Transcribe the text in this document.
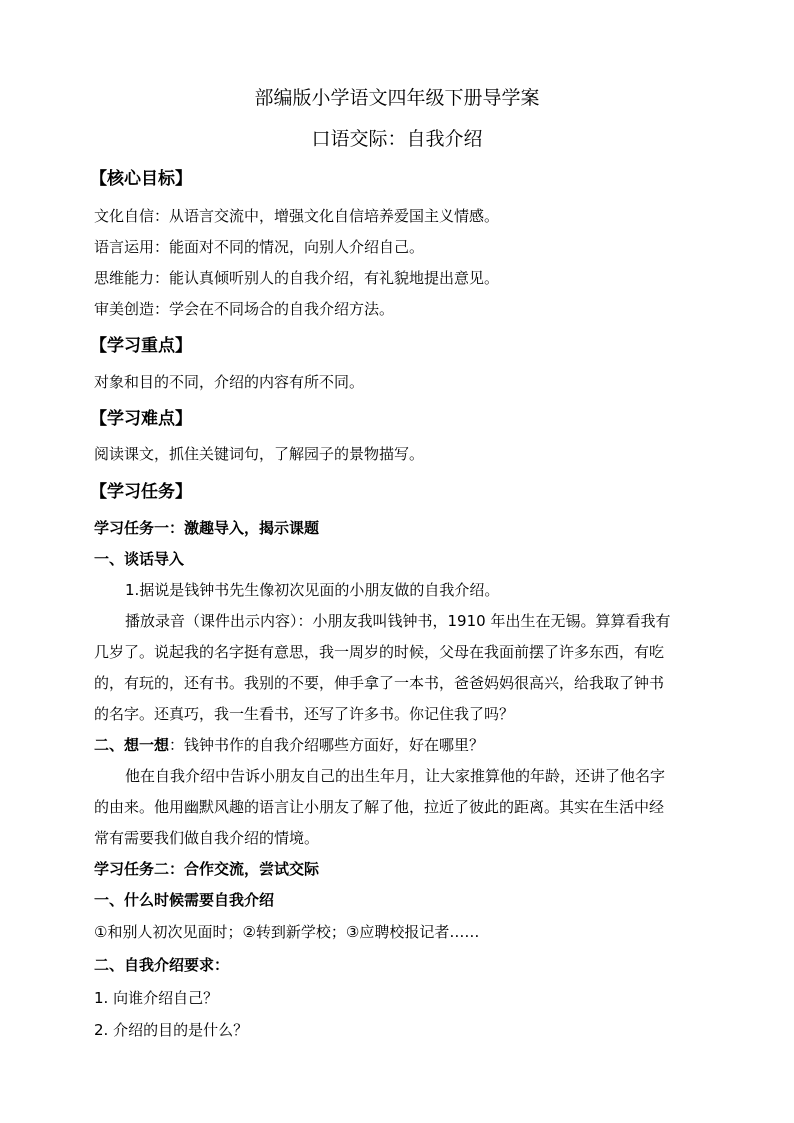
部编版小学语文四年级下册导学案
口语交际：自我介绍
【核心目标】
文化自信：从语言交流中，增强文化自信培养爱国主义情感。
语言运用：能面对不同的情况，向别人介绍自己。
思维能力：能认真倾听别人的自我介绍，有礼貌地提出意见。
审美创造：学会在不同场合的自我介绍方法。
【学习重点】
对象和目的不同，介绍的内容有所不同。
【学习难点】
阅读课文，抓住关键词句，了解园子的景物描写。
【学习任务】
学习任务一：激趣导入，揭示课题
一、谈话导入
1.据说是钱钟书先生像初次见面的小朋友做的自我介绍。
播放录音（课件出示内容）：小朋友我叫钱钟书，1910 年出生在无锡。算算看我有
几岁了。说起我的名字挺有意思，我一周岁的时候，父母在我面前摆了许多东西，有吃
的，有玩的，还有书。我别的不要，伸手拿了一本书，爸爸妈妈很高兴，给我取了钟书
的名字。还真巧，我一生看书，还写了许多书。你记住我了吗？
二、想一想：钱钟书作的自我介绍哪些方面好，好在哪里？
他在自我介绍中告诉小朋友自己的出生年月，让大家推算他的年龄，还讲了他名字
的由来。他用幽默风趣的语言让小朋友了解了他，拉近了彼此的距离。其实在生活中经
常有需要我们做自我介绍的情境。
学习任务二：合作交流，尝试交际
一、什么时候需要自我介绍
①和别人初次见面时；②转到新学校；③应聘校报记者……
二、自我介绍要求：
1. 向谁介绍自己？
2. 介绍的目的是什么？
